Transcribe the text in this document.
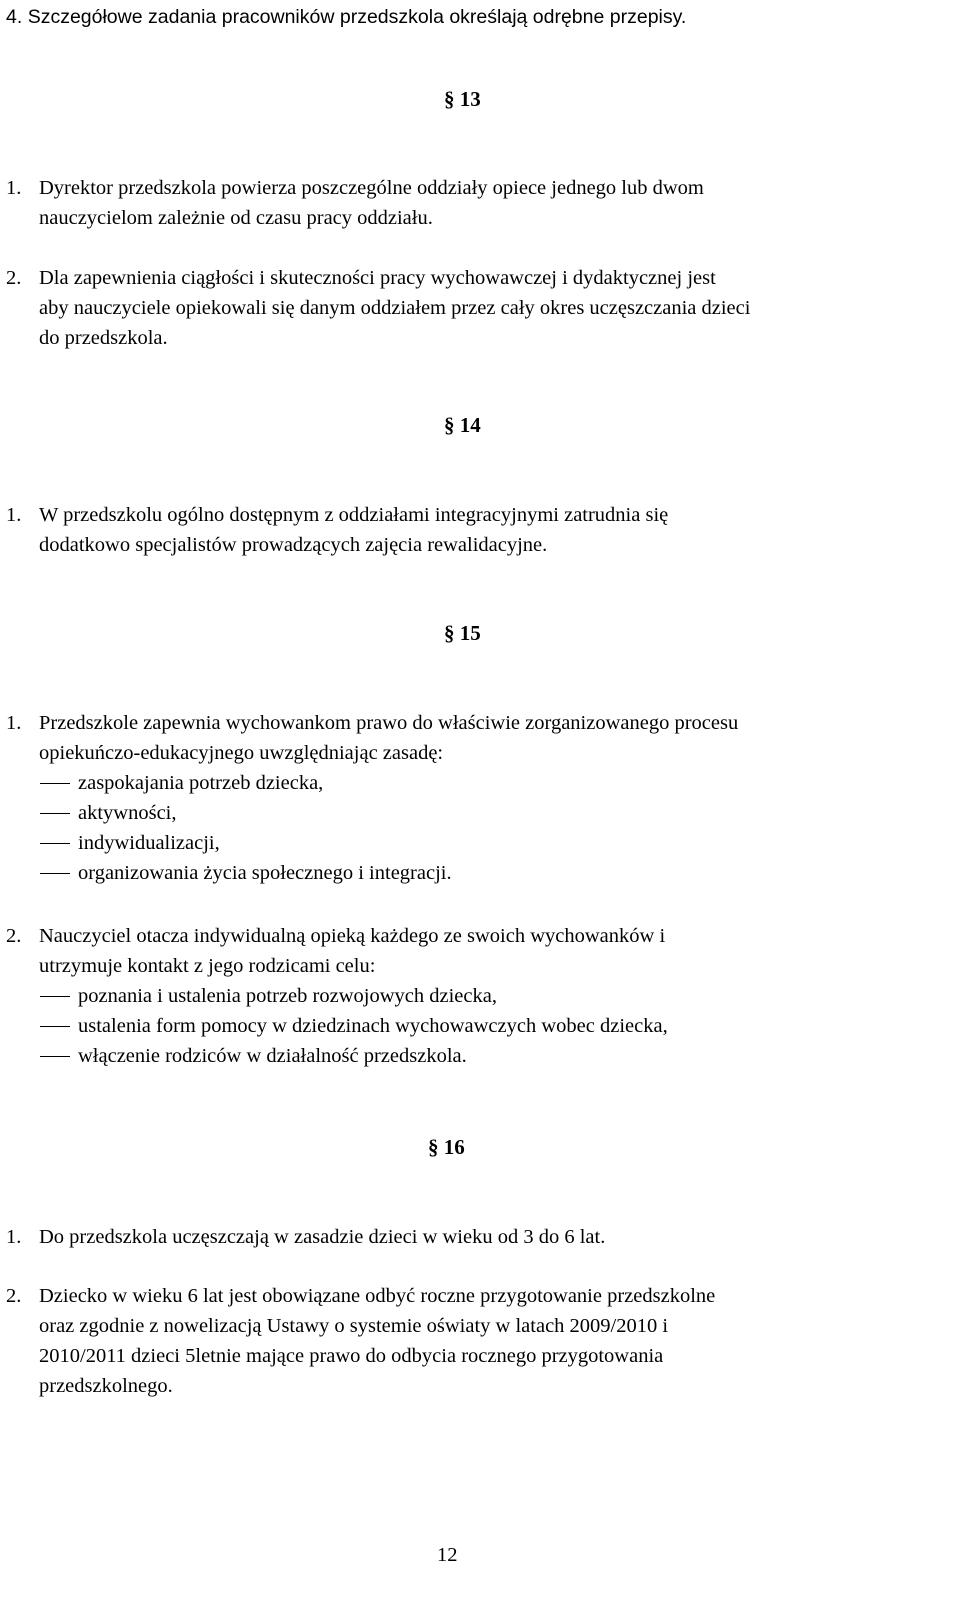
4. Szczegółowe zadania pracowników przedszkola określają odrębne przepisy.
§ 13
1. Dyrektor przedszkola powierza poszczególne oddziały opiece jednego lub dwom
nauczycielom zależnie od czasu pracy oddziału.
2. Dla zapewnienia ciągłości i skuteczności pracy wychowawczej i dydaktycznej jest
aby nauczyciele opiekowali się danym oddziałem przez cały okres uczęszczania dzieci
do przedszkola.
§ 14
1. W przedszkolu ogólno dostępnym z oddziałami integracyjnymi zatrudnia się
dodatkowo specjalistów prowadzących zajęcia rewalidacyjne.
§ 15
1. Przedszkole zapewnia wychowankom prawo do właściwie zorganizowanego procesu
opiekuńczo-edukacyjnego uwzględniając zasadę:
zaspokajania potrzeb dziecka,
aktywności,
indywidualizacji,
organizowania życia społecznego i integracji.
2. Nauczyciel otacza indywidualną opieką każdego ze swoich wychowanków i
utrzymuje kontakt z jego rodzicami celu:
poznania i ustalenia potrzeb rozwojowych dziecka,
ustalenia form pomocy w dziedzinach wychowawczych wobec dziecka,
włączenie rodziców w działalność przedszkola.
§ 16
1. Do przedszkola uczęszczają w zasadzie dzieci w wieku od 3 do 6 lat.
2. Dziecko w wieku 6 lat jest obowiązane odbyć roczne przygotowanie przedszkolne
oraz zgodnie z nowelizacją Ustawy o systemie oświaty w latach 2009/2010 i
2010/2011 dzieci 5letnie mające prawo do odbycia rocznego przygotowania
przedszkolnego.
12
